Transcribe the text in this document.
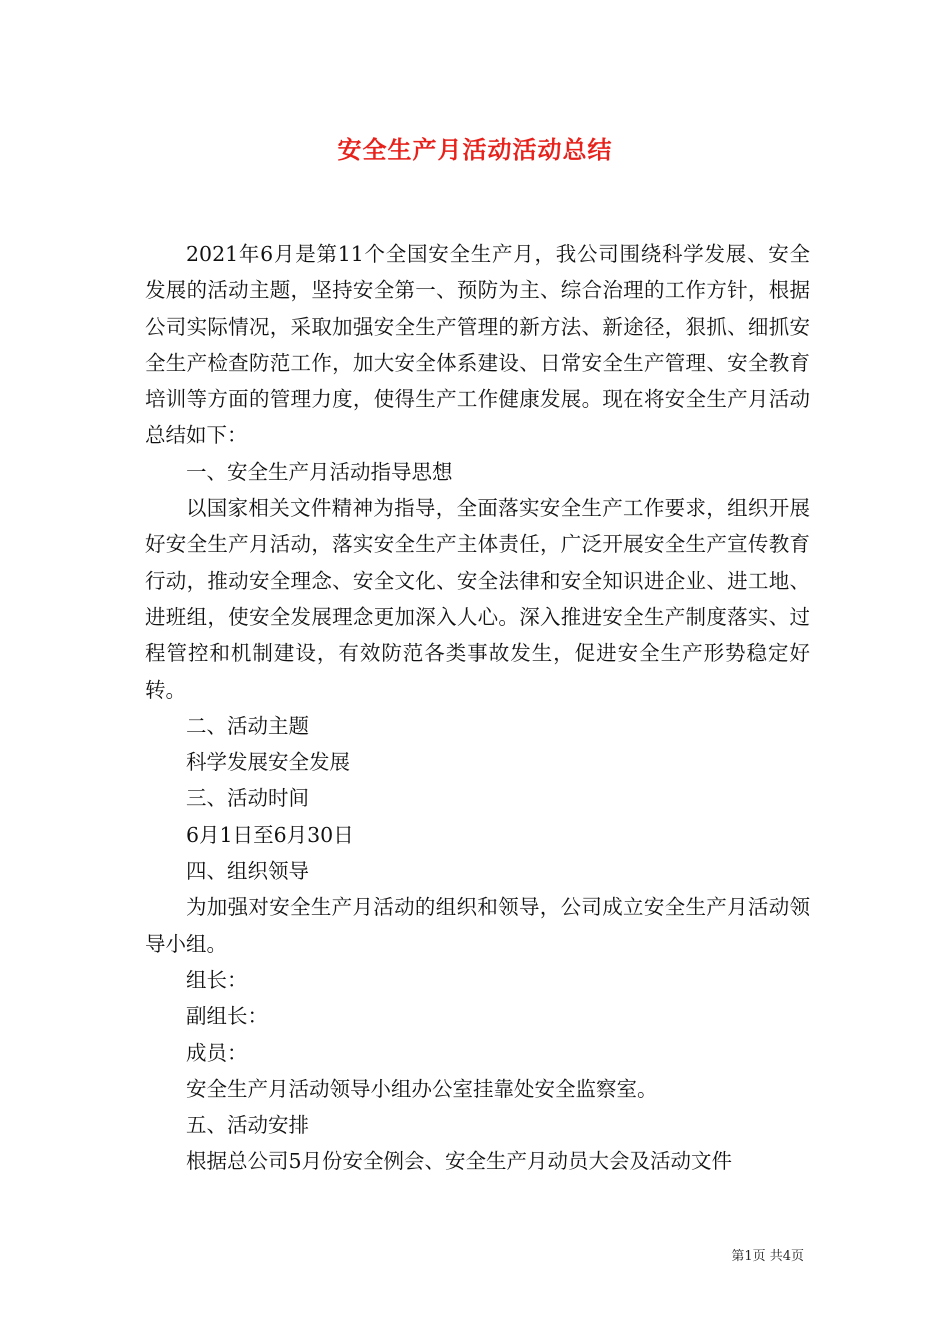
安全生产月活动活动总结

2021年6月是第11个全国安全生产月，我公司围绕科学发展、安全发展的活动主题，坚持安全第一、预防为主、综合治理的工作方针，根据公司实际情况，采取加强安全生产管理的新方法、新途径，狠抓、细抓安全生产检查防范工作，加大安全体系建设、日常安全生产管理、安全教育培训等方面的管理力度，使得生产工作健康发展。现在将安全生产月活动总结如下：

一、安全生产月活动指导思想

以国家相关文件精神为指导，全面落实安全生产工作要求，组织开展好安全生产月活动，落实安全生产主体责任，广泛开展安全生产宣传教育行动，推动安全理念、安全文化、安全法律和安全知识进企业、进工地、进班组，使安全发展理念更加深入人心。深入推进安全生产制度落实、过程管控和机制建设，有效防范各类事故发生，促进安全生产形势稳定好转。

二、活动主题

科学发展安全发展

三、活动时间

6月1日至6月30日

四、组织领导

为加强对安全生产月活动的组织和领导，公司成立安全生产月活动领导小组。

组长：

副组长：

成员：

安全生产月活动领导小组办公室挂靠处安全监察室。

五、活动安排

根据总公司5月份安全例会、安全生产月动员大会及活动文件

第1页 共4页
